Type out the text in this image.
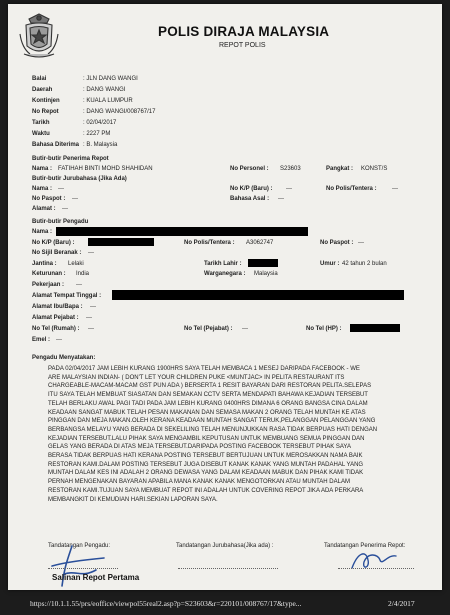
POLIS DIRAJA MALAYSIA
REPOT POLIS
Balai	: JLN DANG WANGI
Daerah	: DANG WANGI
Kontinjen	: KUALA LUMPUR
No Repot	: DANG WANGI/008767/17
Tarikh	: 02/04/2017
Waktu	: 2227 PM
Bahasa Diterima : B. Malaysia
Butir-butir Penerima Repot
Nama : FATIHAH BINTI MOHD SHAHIDAN	No Personel : S23603	Pangkat : KONST/S
Butir-butir Jurubahasa (Jika Ada)
Nama : ---	No K/P (Baru) : ---	No Polis/Tentera :	---
No Paspot : ---	Bahasa Asal : ---
Alamat : ---
Butir-butir Pengadu
Nama :
No K/P (Baru) :	No Polis/Tentera : A3062747	No Paspot : ---
No Sijil Beranak : ---
Jantina : Lelaki	Tarikh Lahir :	Umur : 42 tahun 2 bulan
Keturunan : India	Warganegara : Malaysia
Pekerjaan : ---
Alamat Tempat Tinggal :
Alamat Ibu/Bapa : ---
Alamat Pejabat : ---
No Tel (Rumah) : ---	No Tel (Pejabat) : ---	No Tel (HP) :
Emel : ---
Pengadu Menyatakan:
PADA 02/04/2017 JAM LEBIH KURANG 1900HRS SAYA TELAH MEMBACA 1 MESEJ DARIPADA FACEBOOK - WE
ARE MALAYSIAN INDIAN- ( DON'T LET YOUR CHILDREN PUKE <MUNTJAC> IN PELITA RESTAURANT ITS
CHARGEABLE-MACAM-MACAM GST PUN ADA ) BERSERTA 1 RESIT BAYARAN DARI RESTORAN PELITA.SELEPAS
ITU SAYA TELAH MEMBUAT SIASATAN DAN SEMAKAN CCTV SERTA MENDAPATI BAHAWA KEJADIAN TERSEBUT
TELAH BERLAKU AWAL PAGI TADI PADA JAM LEBIH KURANG 0400HRS DIMANA 6 ORANG BANGSA CINA DALAM
KEADAAN SANGAT MABUK TELAH PESAN MAKANAN DAN SEMASA MAKAN 2 ORANG TELAH MUNTAH KE ATAS
PINGGAN DAN MEJA MAKAN.OLEH KERANA KEADAAN MUNTAH SANGAT TERUK,PELANGGAN PELANGGAN YANG
BERBANGSA MELAYU YANG BERADA DI SEKELILING TELAH MENUNJUKKAN RASA TIDAK BERPUAS HATI DENGAN
KEJADIAN TERSEBUT.LALU PIHAK SAYA MENGAMBIL KEPUTUSAN UNTUK MEMBUANG SEMUA PINGGAN DAN
GELAS YANG BERADA DI ATAS MEJA TERSEBUT.DARIPADA POSTING FACEBOOK TERSEBUT PIHAK SAYA
BERASA TIDAK BERPUAS HATI KERANA POSTING TERSEBUT BERTUJUAN UNTUK MEROSAKKAN NAMA BAIK
RESTORAN KAMI.DALAM POSTING TERSEBUT JUGA DISEBUT KANAK KANAK YANG MUNTAH PADAHAL YANG
MUNTAH DALAM KES INI ADALAH 2 ORANG DEWASA YANG DALAM KEADAAN MABUK DAN PIHAK KAMI TIDAK
PERNAH MENGENAKAN BAYARAN APABILA MANA KANAK KANAK MENGOTORKAN ATAU MUNTAH DALAM
RESTORAN KAMI.TUJUAN SAYA MEMBUAT REPOT INI ADALAH UNTUK COVERING REPOT JIKA ADA PERKARA
MEMBANGKIT DI KEMUDIAN HARI.SEKIAN LAPORAN SAYA.
Tandatangan Pengadu:	Tandatangan Jurubahasa(Jika ada) :	Tandatangan Penerima Repot:
Salinan Repot Pertama
https://10.1.1.55/prs/eoffice/viewpol55real2.asp?p=S23603&r=220101/008767/17&type...	2/4/2017
